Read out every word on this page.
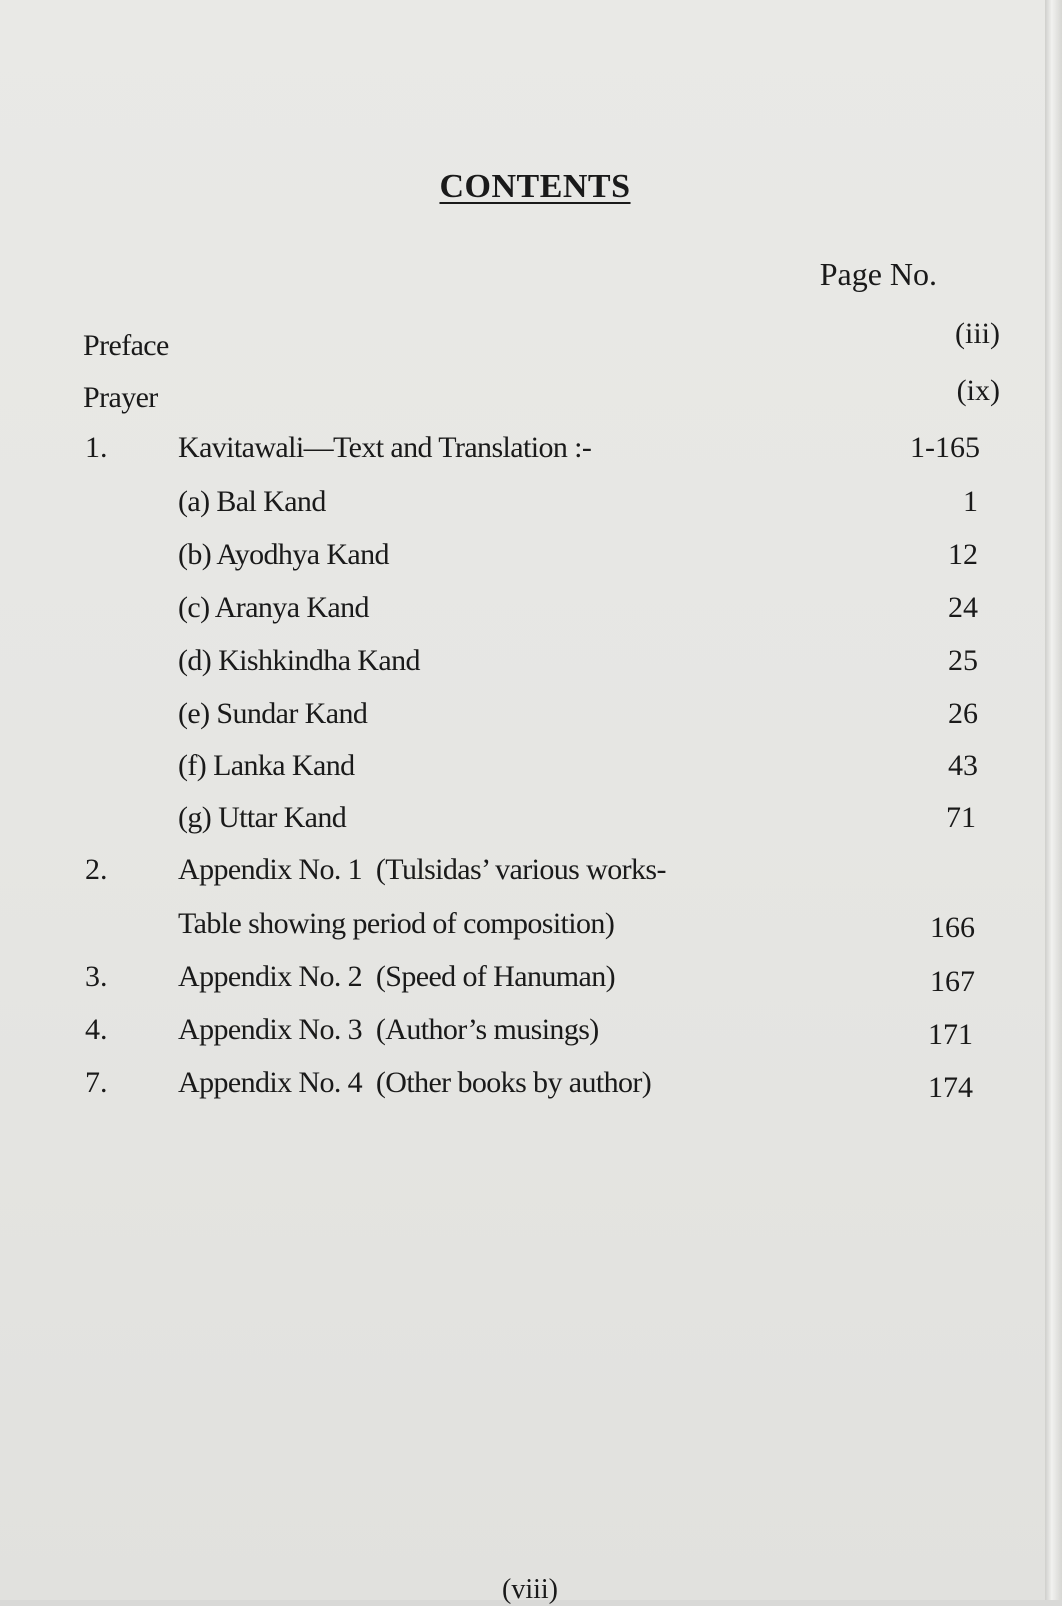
CONTENTS
Page No.
Preface	(iii)
Prayer	(ix)
1. Kavitawali—Text and Translation :-	1-165
(a) Bal Kand	1
(b) Ayodhya Kand	12
(c) Aranya Kand	24
(d) Kishkindha Kand	25
(e) Sundar Kand	26
(f) Lanka Kand	43
(g) Uttar Kand	71
2. Appendix No. 1  (Tulsidas’ various works-
Table showing period of composition)	166
3. Appendix No. 2  (Speed of Hanuman)	167
4. Appendix No. 3  (Author’s musings)	171
7. Appendix No. 4  (Other books by author)	174
(viii)
